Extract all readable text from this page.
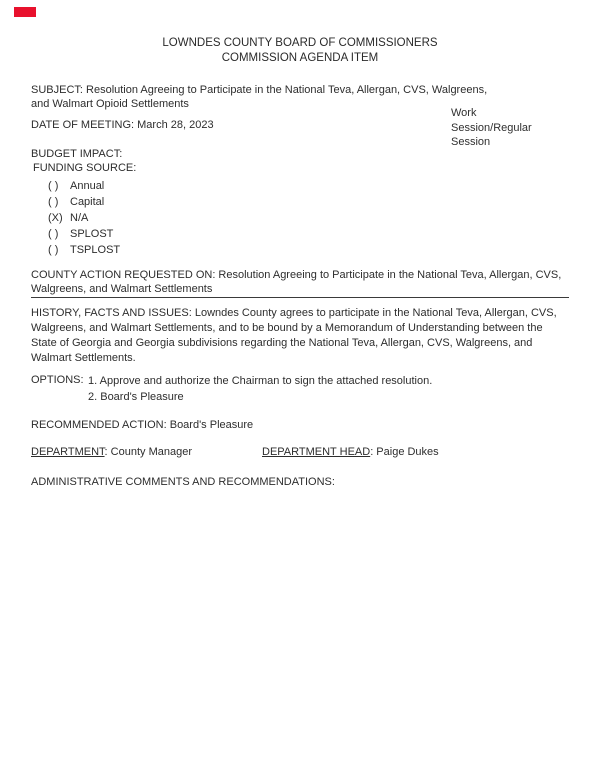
Work
Session/Regular
Session
LOWNDES COUNTY BOARD OF COMMISSIONERS
COMMISSION AGENDA ITEM
SUBJECT: Resolution Agreeing to Participate in the National Teva, Allergan, CVS, Walgreens,
and Walmart Opioid Settlements
DATE OF MEETING: March 28, 2023
BUDGET IMPACT:
FUNDING SOURCE:
( ) Annual
( ) Capital
(X) N/A
( ) SPLOST
( ) TSPLOST
COUNTY ACTION REQUESTED ON: Resolution Agreeing to Participate in the National Teva, Allergan, CVS,
Walgreens, and Walmart Settlements
HISTORY, FACTS AND ISSUES: Lowndes County agrees to participate in the National Teva, Allergan, CVS,
Walgreens, and Walmart Settlements, and to be bound by a Memorandum of Understanding between the
State of Georgia and Georgia subdivisions regarding the National Teva, Allergan, CVS, Walgreens, and
Walmart Settlements.
OPTIONS: 1. Approve and authorize the Chairman to sign the attached resolution.
2. Board's Pleasure
RECOMMENDED ACTION: Board's Pleasure
DEPARTMENT: County Manager	DEPARTMENT HEAD: Paige Dukes
ADMINISTRATIVE COMMENTS AND RECOMMENDATIONS:
